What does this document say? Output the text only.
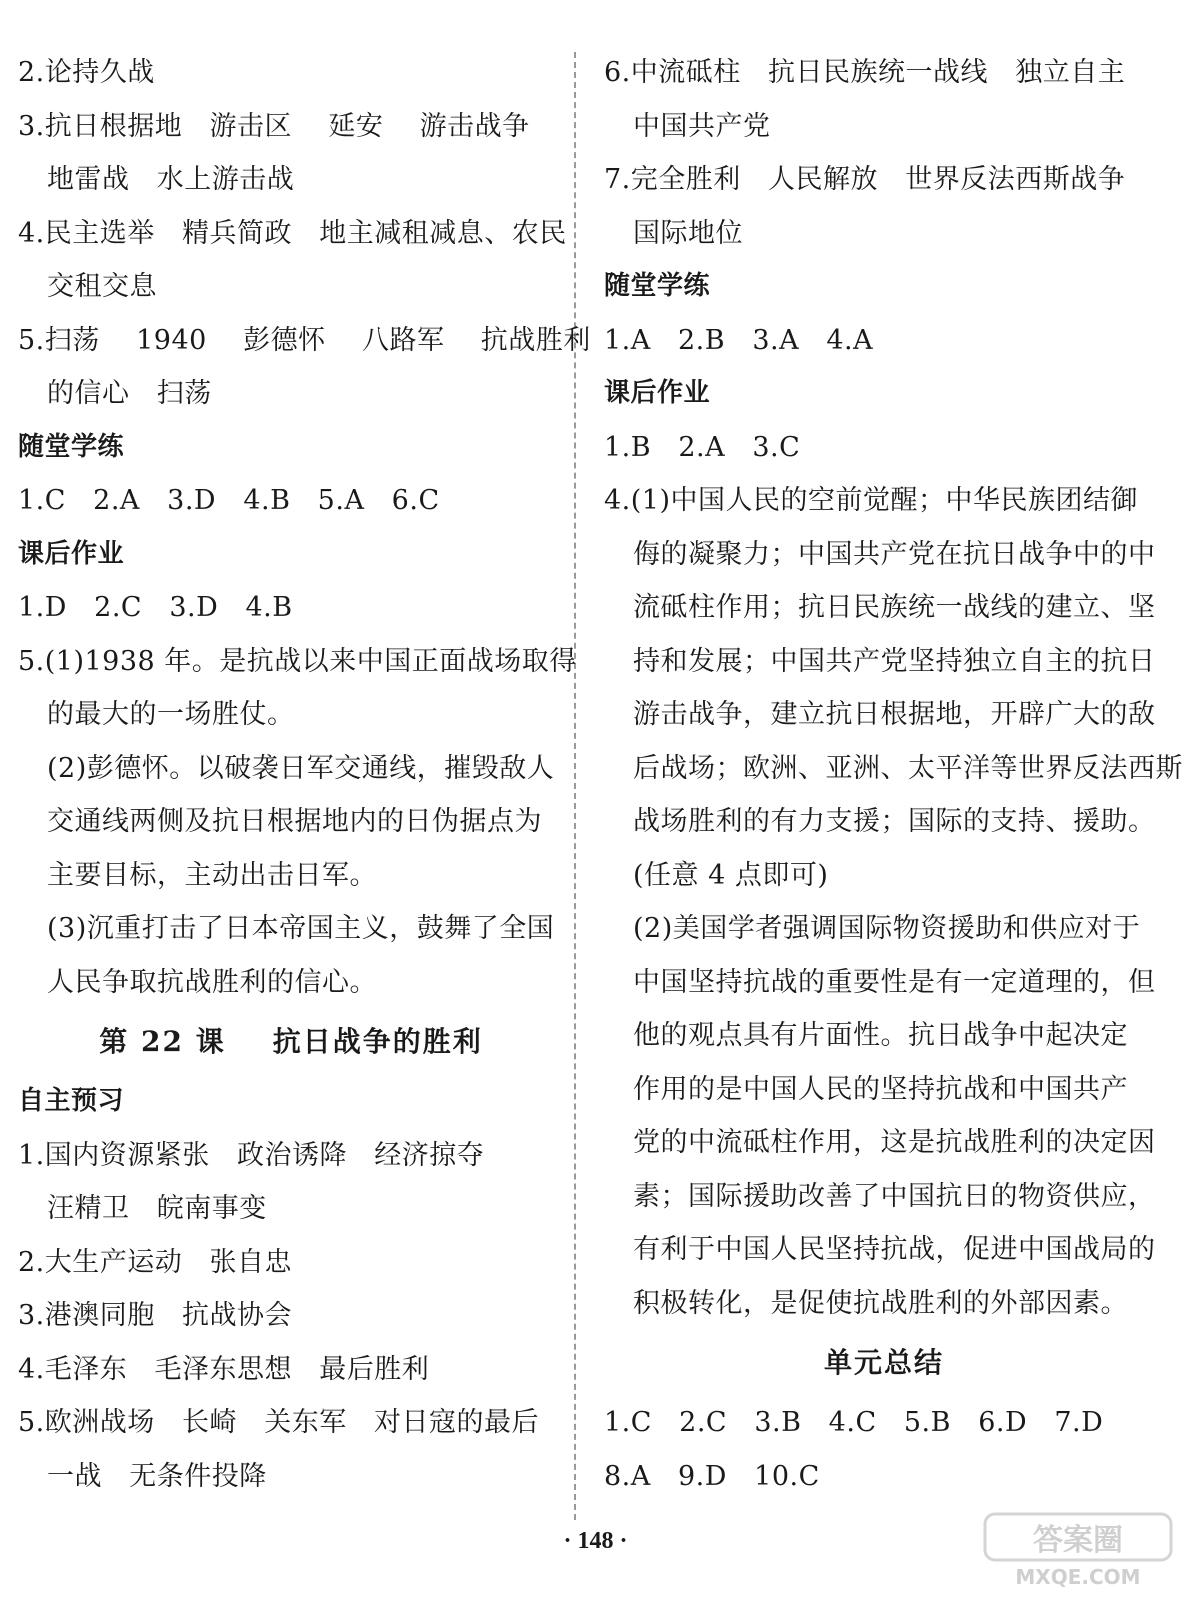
2.论持久战
3.抗日根据地   游击区    延安    游击战争
地雷战   水上游击战
4.民主选举   精兵简政   地主减租减息、农民
交租交息
5.扫荡    1940    彭德怀    八路军    抗战胜利
的信心   扫荡
随堂学练
1.C   2.A   3.D   4.B   5.A   6.C
课后作业
1.D   2.C   3.D   4.B
5.(1)1938 年。是抗战以来中国正面战场取得
的最大的一场胜仗。
(2)彭德怀。以破袭日军交通线，摧毁敌人
交通线两侧及抗日根据地内的日伪据点为
主要目标，主动出击日军。
(3)沉重打击了日本帝国主义，鼓舞了全国
人民争取抗战胜利的信心。
第 22 课    抗日战争的胜利
自主预习
1.国内资源紧张   政治诱降   经济掠夺
汪精卫   皖南事变
2.大生产运动   张自忠
3.港澳同胞   抗战协会
4.毛泽东   毛泽东思想   最后胜利
5.欧洲战场   长崎   关东军   对日寇的最后
一战   无条件投降
6.中流砥柱   抗日民族统一战线   独立自主
中国共产党
7.完全胜利   人民解放   世界反法西斯战争
国际地位
随堂学练
1.A   2.B   3.A   4.A
课后作业
1.B   2.A   3.C
4.(1)中国人民的空前觉醒；中华民族团结御
侮的凝聚力；中国共产党在抗日战争中的中
流砥柱作用；抗日民族统一战线的建立、坚
持和发展；中国共产党坚持独立自主的抗日
游击战争，建立抗日根据地，开辟广大的敌
后战场；欧洲、亚洲、太平洋等世界反法西斯
战场胜利的有力支援；国际的支持、援助。
(任意 4 点即可)
(2)美国学者强调国际物资援助和供应对于
中国坚持抗战的重要性是有一定道理的，但
他的观点具有片面性。抗日战争中起决定
作用的是中国人民的坚持抗战和中国共产
党的中流砥柱作用，这是抗战胜利的决定因
素；国际援助改善了中国抗日的物资供应，
有利于中国人民坚持抗战，促进中国战局的
积极转化，是促使抗战胜利的外部因素。
单元总结
1.C   2.C   3.B   4.C   5.B   6.D   7.D
8.A   9.D   10.C
· 148 ·	答案圈
MXQE.COM
